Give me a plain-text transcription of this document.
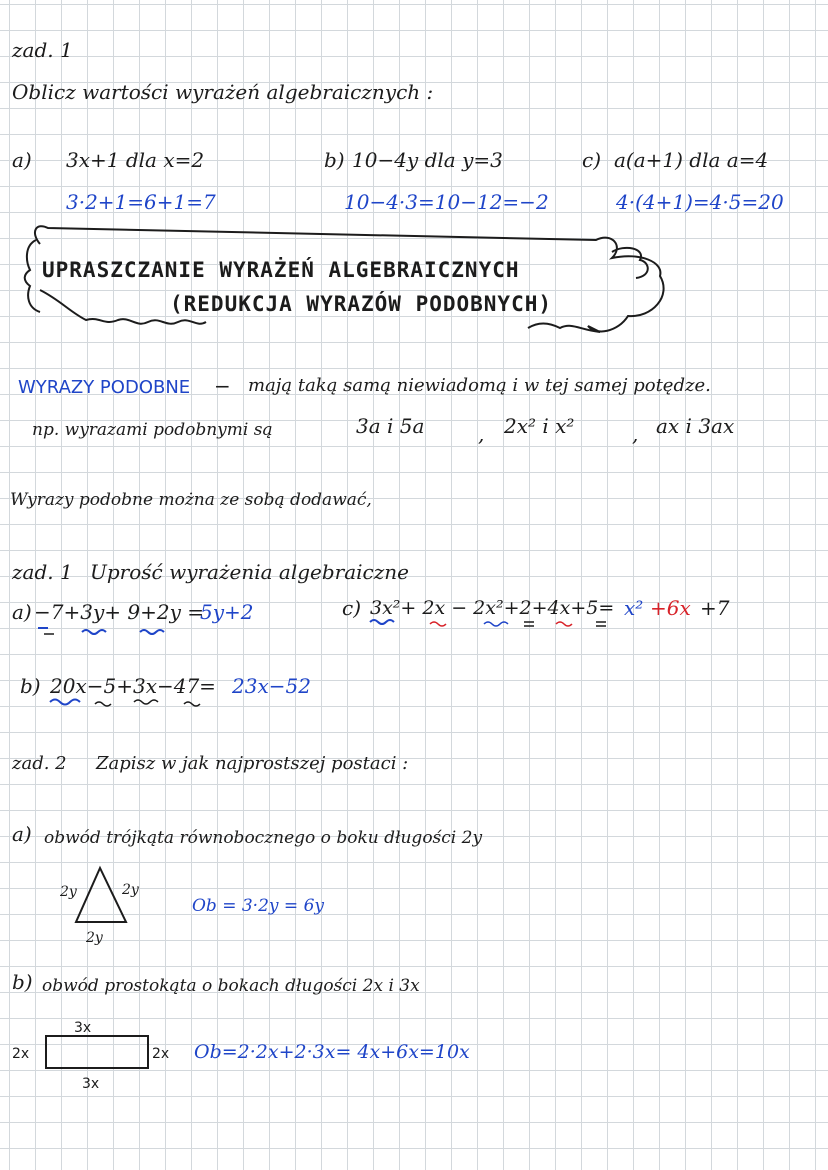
zad. 1
Oblicz wartości wyrażeń algebraicznych :
a) 3x+1 dla x=2
3·2+1=6+1=7
b) 10−4y dla y=3
10−4·3=10−12=−2
c) a(a+1) dla a=4
4·(4+1)=4·5=20
UPRASZCZANIE WYRAŻEŃ ALGEBRAICZNYCH
(REDUKCJA WYRAZÓW PODOBNYCH)
WYRAZY PODOBNE − mają taką samą niewiadomą i w tej samej potędze.
np. wyrazami podobnymi są	3a i 5a	, 2x² i x²	, ax i 3ax
Wyrazy podobne można ze sobą dodawać,
zad. 1 Uprość wyrażenia algebraiczne
a) −7+3y+ 9+2y =
5y+2
b) 20x−5+3x−47= 23x−52
c) 3x²+ 2x − 2x²+2+4x+5= x² +6x +7
zad. 2 Zapisz w jak najprostszej postaci :
a) obwód trójkąta równobocznego o boku długości 2y
2y	2y
2y
Ob = 3·2y = 6y
b) obwód prostokąta o bokach długości 2x i 3x
3x
3x
2x	2x Ob=2·2x+2·3x= 4x+6x=10x
